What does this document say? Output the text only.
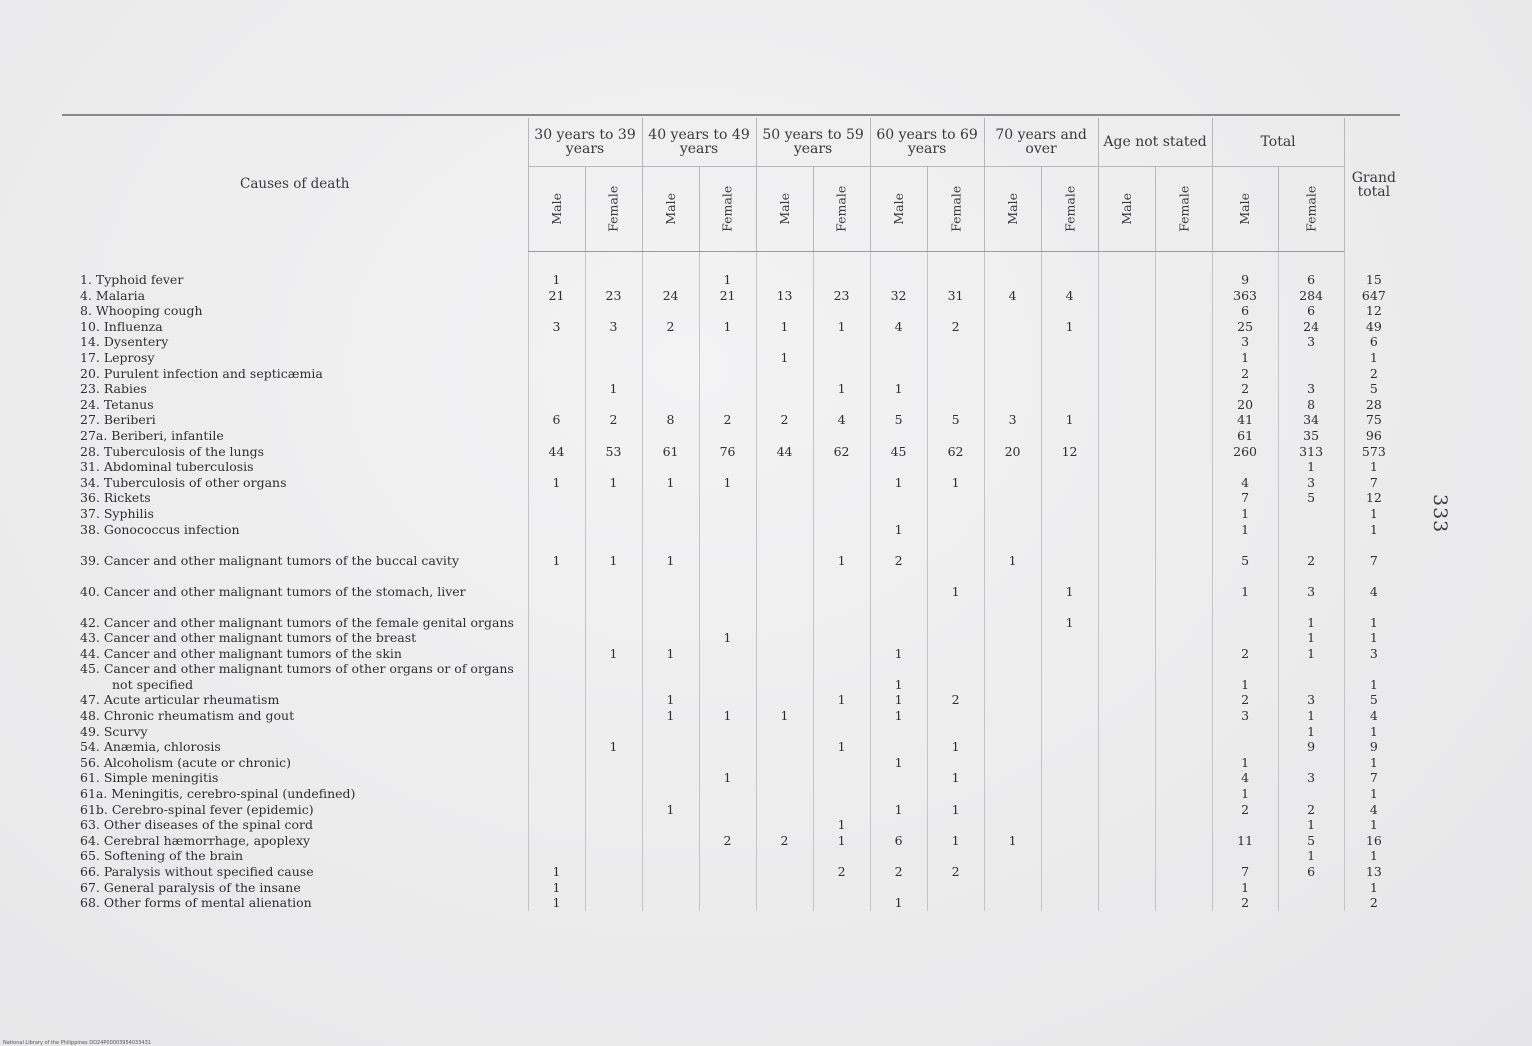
Causes of death	30 years to 39 years		40 years to 49 years		50 years to 59 years		60 years to 69 years		70 years and over		Age not stated		Total		Grand total
	Male	Female	Male	Female	Male	Female	Male	Female	Male	Female	Male	Female	Male	Female	

1. Typhoid fever	1			1									9	6	15
4. Malaria	21	23	24	21	13	23	32	31	4	4			363	284	647
8. Whooping cough													6	6	12
10. Influenza	3	3	2	1	1	1	4	2		1			25	24	49
14. Dysentery													3	3	6
17. Leprosy					1								1		1
20. Purulent infection and septicæmia													2		2
23. Rabies		1				1	1						2	3	5
24. Tetanus													20	8	28
27. Beriberi	6	2	8	2	2	4	5	5	3	1			41	34	75
27a. Beriberi, infantile													61	35	96
28. Tuberculosis of the lungs	44	53	61	76	44	62	45	62	20	12			260	313	573
31. Abdominal tuberculosis														1	1
34. Tuberculosis of other organs	1	1	1	1			1	1					4	3	7
36. Rickets													7	5	12
37. Syphilis													1		1
38. Gonococcus infection							1						1		1
39. Cancer and other malignant tumors of the buccal cavity	1	1	1			1	2		1				5	2	7
40. Cancer and other malignant tumors of the stomach, liver								1		1			1	3	4
42. Cancer and other malignant tumors of the female genital organs										1				1	1
43. Cancer and other malignant tumors of the breast				1										1	1
44. Cancer and other malignant tumors of the skin		1	1				1						2	1	3
45. Cancer and other malignant tumors of other organs or of organs not specified							1						1		1
47. Acute articular rheumatism			1			1	1	2					2	3	5
48. Chronic rheumatism and gout			1	1	1		1						3	1	4
49. Scurvy														1	1
54. Anæmia, chlorosis		1				1		1						9	9
56. Alcoholism (acute or chronic)							1						1		1
61. Simple meningitis				1				1					4	3	7
61a. Meningitis, cerebro-spinal (undefined)													1		1
61b. Cerebro-spinal fever (epidemic)			1				1	1					2	2	4
63. Other diseases of the spinal cord						1								1	1
64. Cerebral hæmorrhage, apoplexy				2	2	1	6	1	1				11	5	16
65. Softening of the brain														1	1
66. Paralysis without specified cause	1					2	2	2					7	6	13
67. General paralysis of the insane	1												1		1
68. Other forms of mental alienation	1						1						2		2
333
National Library of the Philippines DO24P00003954033431
